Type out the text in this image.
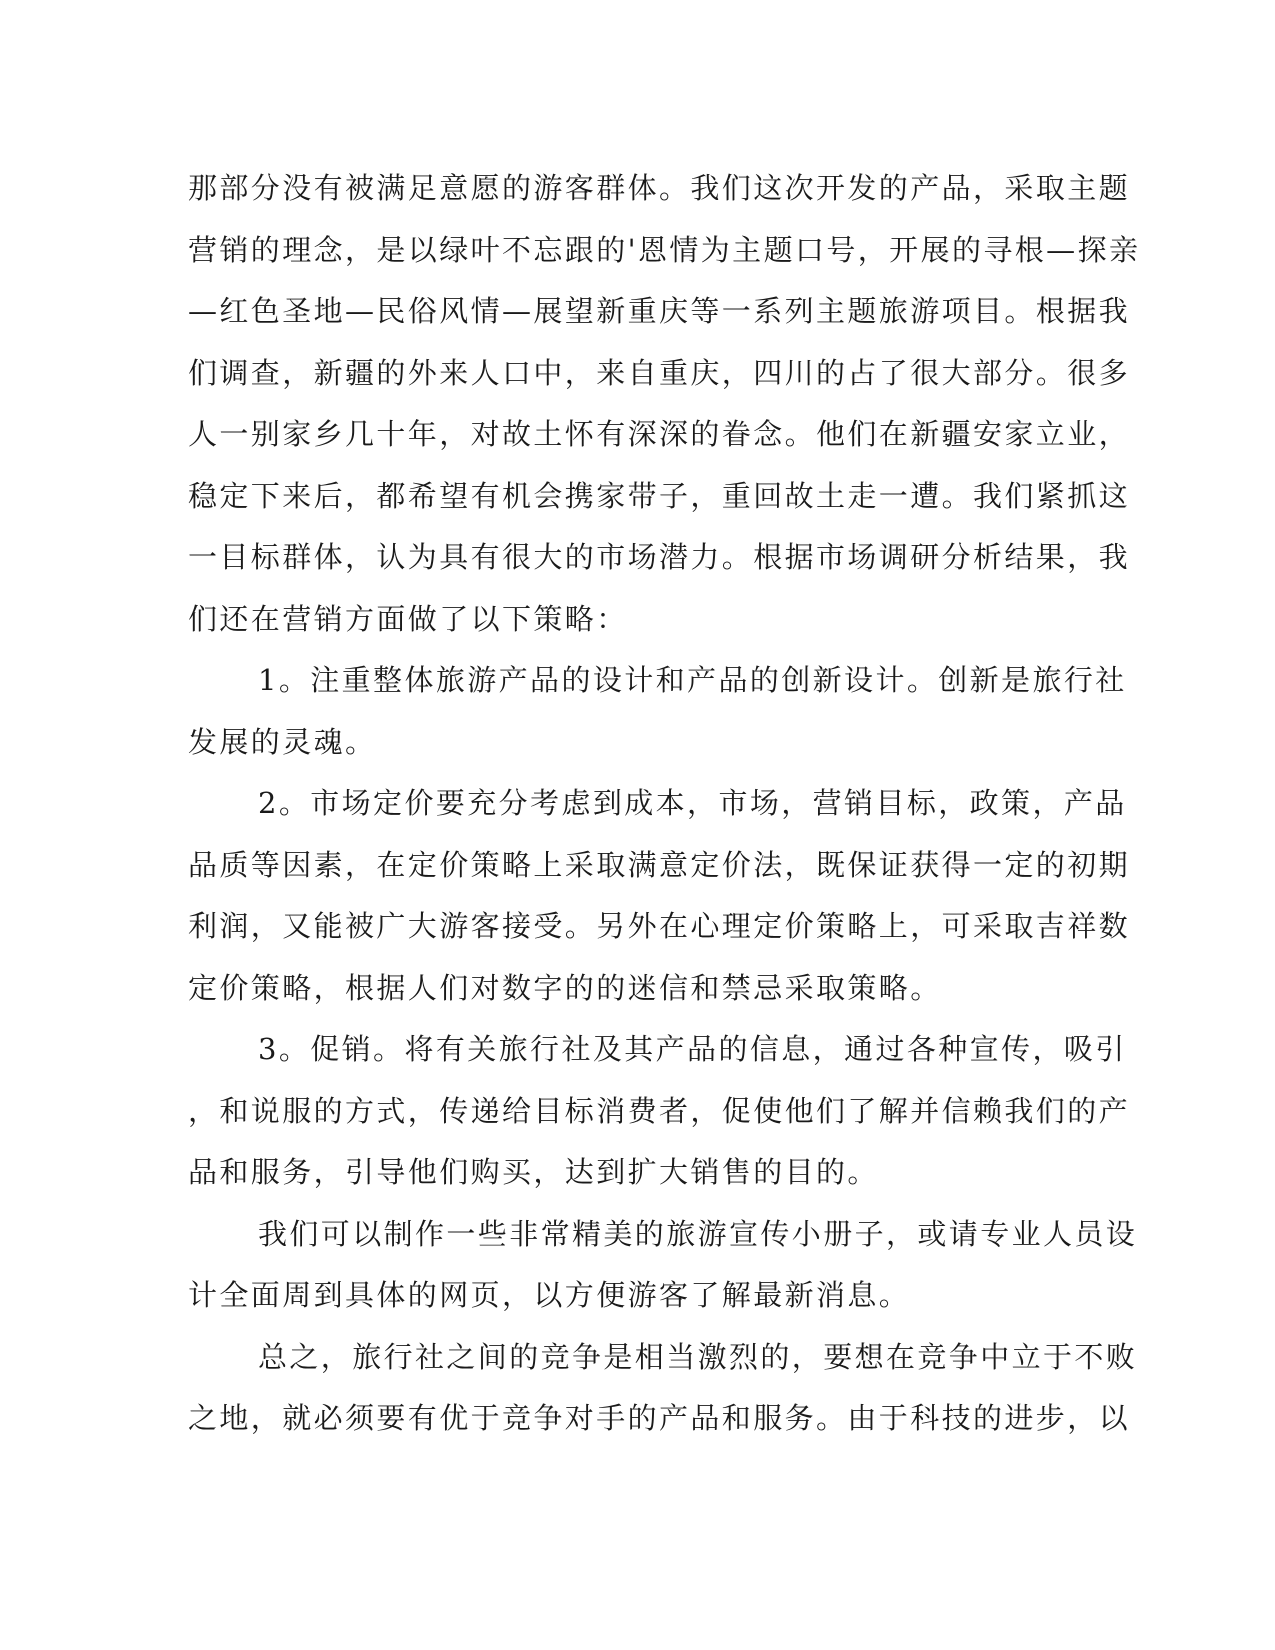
那部分没有被满足意愿的游客群体。我们这次开发的产品，采取主题
营销的理念，是以绿叶不忘跟的'恩情为主题口号，开展的寻根—探亲
—红色圣地—民俗风情—展望新重庆等一系列主题旅游项目。根据我
们调查，新疆的外来人口中，来自重庆，四川的占了很大部分。很多
人一别家乡几十年，对故土怀有深深的眷念。他们在新疆安家立业，
稳定下来后，都希望有机会携家带子，重回故土走一遭。我们紧抓这
一目标群体，认为具有很大的市场潜力。根据市场调研分析结果，我
们还在营销方面做了以下策略：
1。注重整体旅游产品的设计和产品的创新设计。创新是旅行社
发展的灵魂。
2。市场定价要充分考虑到成本，市场，营销目标，政策，产品
品质等因素，在定价策略上采取满意定价法，既保证获得一定的初期
利润，又能被广大游客接受。另外在心理定价策略上，可采取吉祥数
定价策略，根据人们对数字的的迷信和禁忌采取策略。
3。促销。将有关旅行社及其产品的信息，通过各种宣传，吸引
，和说服的方式，传递给目标消费者，促使他们了解并信赖我们的产
品和服务，引导他们购买，达到扩大销售的目的。
我们可以制作一些非常精美的旅游宣传小册子，或请专业人员设
计全面周到具体的网页，以方便游客了解最新消息。
总之，旅行社之间的竞争是相当激烈的，要想在竞争中立于不败
之地，就必须要有优于竞争对手的产品和服务。由于科技的进步，以
